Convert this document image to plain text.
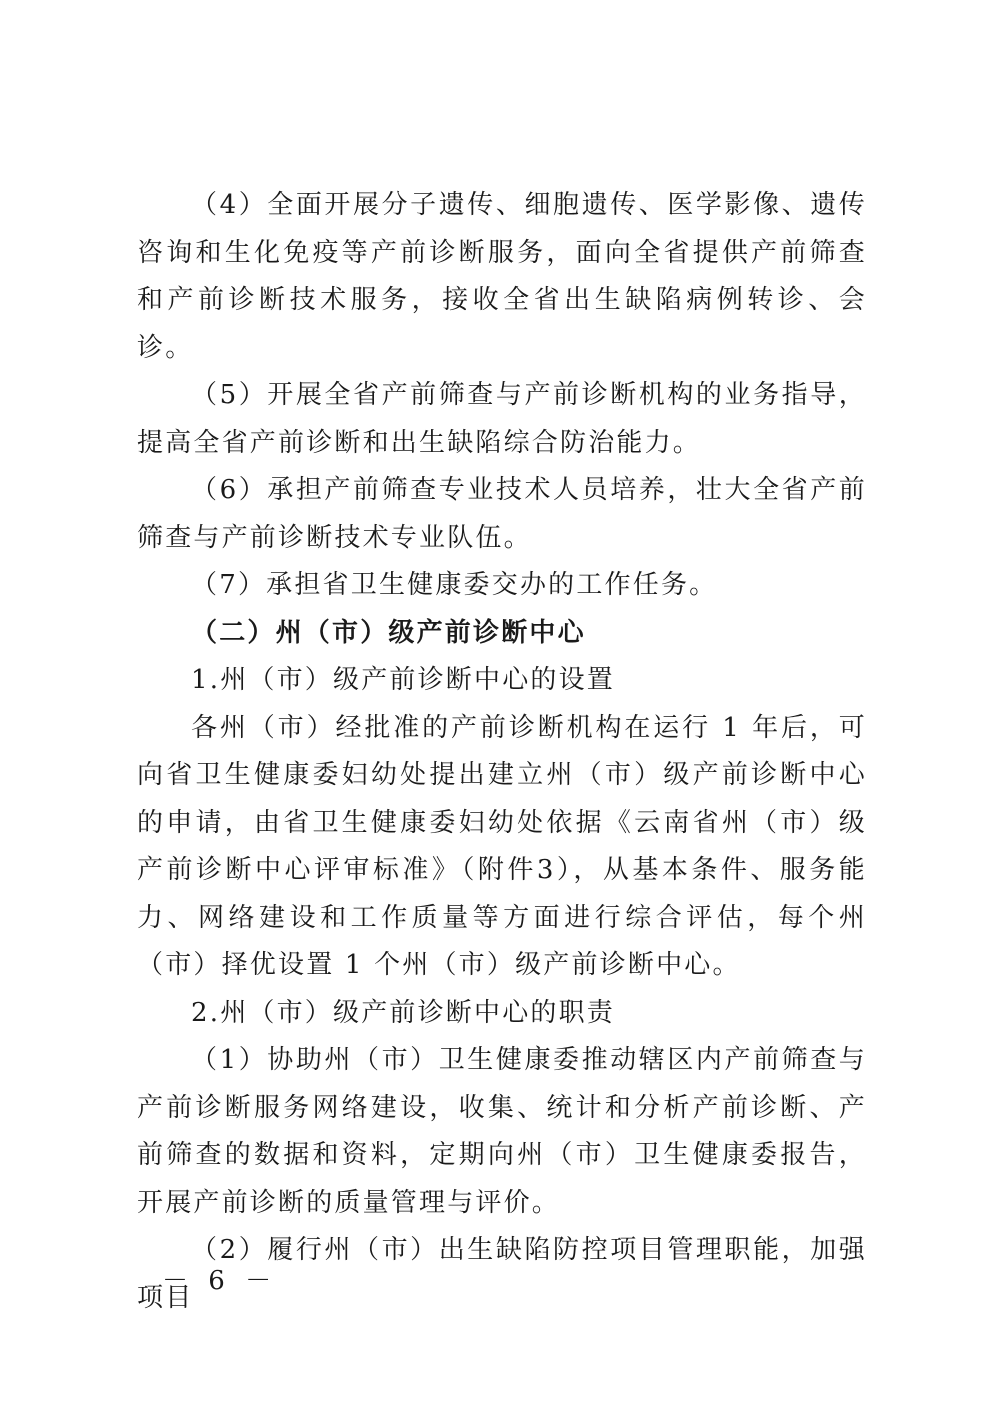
（4）全面开展分子遗传、细胞遗传、医学影像、遗传咨询和生化免疫等产前诊断服务，面向全省提供产前筛查和产前诊断技术服务，接收全省出生缺陷病例转诊、会诊。

（5）开展全省产前筛查与产前诊断机构的业务指导，提高全省产前诊断和出生缺陷综合防治能力。

（6）承担产前筛查专业技术人员培养，壮大全省产前筛查与产前诊断技术专业队伍。

（7）承担省卫生健康委交办的工作任务。

（二）州（市）级产前诊断中心

1.州（市）级产前诊断中心的设置

各州（市）经批准的产前诊断机构在运行 1 年后，可向省卫生健康委妇幼处提出建立州（市）级产前诊断中心的申请，由省卫生健康委妇幼处依据《云南省州（市）级产前诊断中心评审标准》（附件3），从基本条件、服务能力、网络建设和工作质量等方面进行综合评估，每个州（市）择优设置 1 个州（市）级产前诊断中心。

2.州（市）级产前诊断中心的职责

（1）协助州（市）卫生健康委推动辖区内产前筛查与产前诊断服务网络建设，收集、统计和分析产前诊断、产前筛查的数据和资料，定期向州（市）卫生健康委报告，开展产前诊断的质量管理与评价。

（2）履行州（市）出生缺陷防控项目管理职能，加强项目

－ 6 －
